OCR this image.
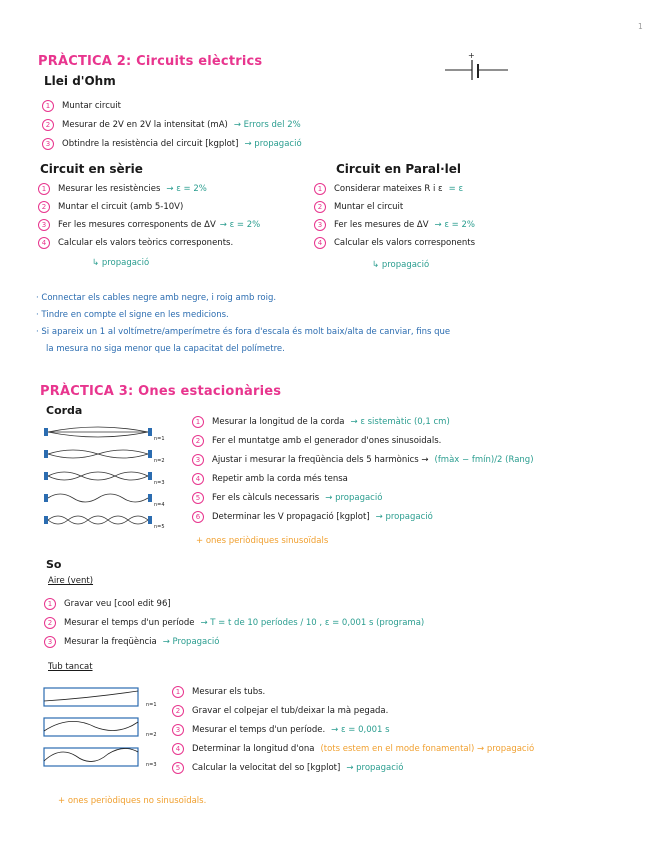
1
+
PRÀCTICA 2: Circuits elèctrics
Llei d'Ohm
1	Muntar circuit
2	Mesurar de 2V en 2V la intensitat (mA) → Errors del 2%
3	Obtindre la resistència del circuit [kgplot] → propagació
Circuit en sèrie
1	Mesurar les resistències → ε = 2%
2	Muntar el circuit (amb 5-10V)
3	Fer les mesures corresponents de ΔV → ε = 2%
4	Calcular els valors teòrics corresponents.
↳ propagació
Circuit en Paral·lel
1	Considerar mateixes R i ε = ε
2	Muntar el circuit
3	Fer les mesures de ΔV → ε = 2%
4	Calcular els valors corresponents
↳ propagació
· Connectar els cables negre amb negre, i roig amb roig.
· Tindre en compte el signe en les medicions.
· Si apareix un 1 al voltímetre/amperímetre és fora d'escala és molt baix/alta de canviar, fins que
la mesura no siga menor que la capacitat del polímetre.
PRÀCTICA 3: Ones estacionàries
Corda
n=1
n=2
n=3
n=4
n=5
1	Mesurar la longitud de la corda → ε sistemàtic (0,1 cm)
2	Fer el muntatge amb el generador d'ones sinusoidals.
3	Ajustar i mesurar la freqüència dels 5 harmònics → (fmàx − fmín)/2 (Rang)
4	Repetir amb la corda més tensa
5	Fer els càlculs necessaris → propagació
6	Determinar les V propagació [kgplot] → propagació
+ ones periòdiques sinusoïdals
So
Aire (vent)
1	Gravar veu [cool edit 96]
2	Mesurar el temps d'un període → T = t de 10 períodes / 10 , ε = 0,001 s (programa)
3	Mesurar la freqüència → Propagació
Tub tancat
n=1
n=2
n=3
1	Mesurar els tubs.
2	Gravar el colpejar el tub/deixar la mà pegada.
3	Mesurar el temps d'un període. → ε = 0,001 s
4	Determinar la longitud d'ona (tots estem en el mode fonamental) → propagació
5	Calcular la velocitat del so [kgplot] → propagació
+ ones periòdiques no sinusoïdals.
